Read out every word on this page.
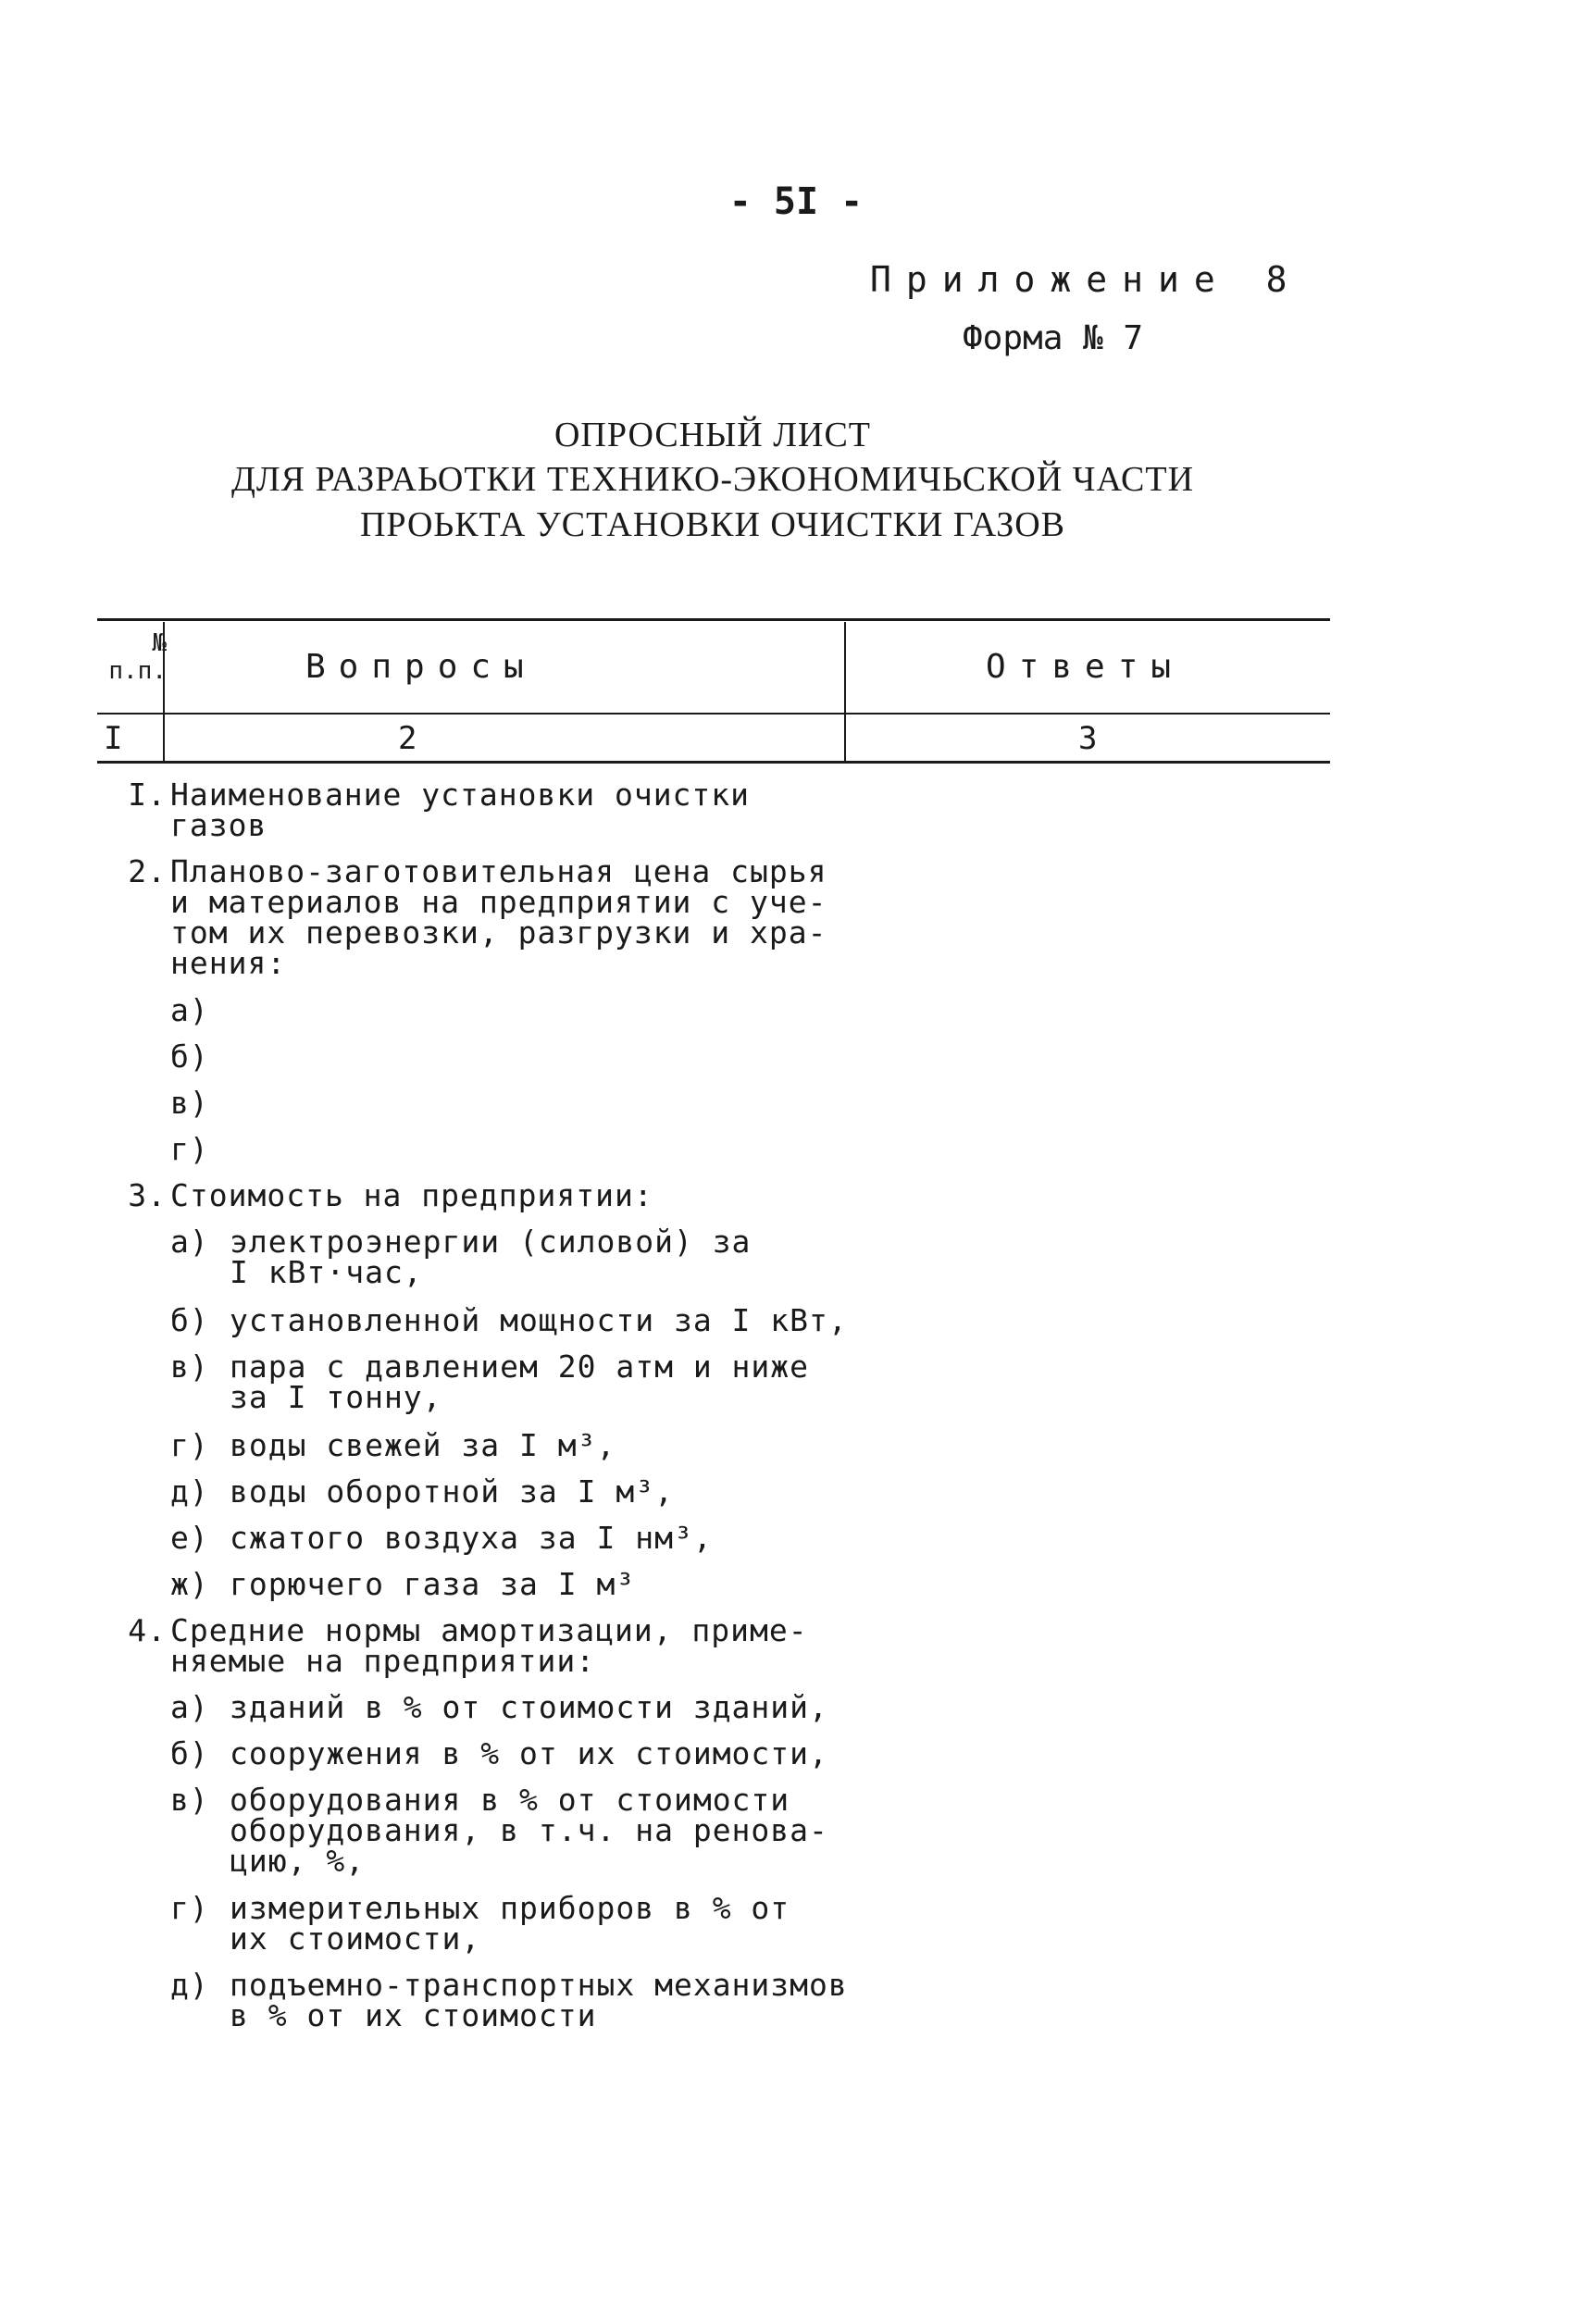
- 5I -
Приложение 8
Форма № 7
ОПРОСНЫЙ ЛИСТ
ДЛЯ РАЗРАЬОТКИ ТЕХНИКО-ЭКОНОМИЧЬСКОЙ ЧАСТИ
ПРОЬКТА УСТАНОВКИ ОЧИСТКИ ГАЗОВ
№
п.п.	Вопросы	Ответы
I	2	3
I. Наименование установки очистки
газов
2. Планово-заготовительная цена сырья
и материалов на предприятии с уче-
том их перевозки, разгрузки и хра-
нения:
а)
б)
в)
г)
3. Стоимость на предприятии:
а) электроэнергии (силовой) за
I кВт·час,
б) установленной мощности за I кВт,
в) пара с давлением 20 атм и ниже
за I тонну,
г) воды свежей за I м³,
д) воды оборотной за I м³,
е) сжатого воздуха за I нм³,
ж) горючего газа за I м³
4. Средние нормы амортизации, приме-
няемые на предприятии:
а) зданий в % от стоимости зданий,
б) сооружения в % от их стоимости,
в) оборудования в % от стоимости
оборудования, в т.ч. на ренова-
цию, %,
г) измерительных приборов в % от
их стоимости,
д) подъемно-транспортных механизмов
в % от их стоимости
